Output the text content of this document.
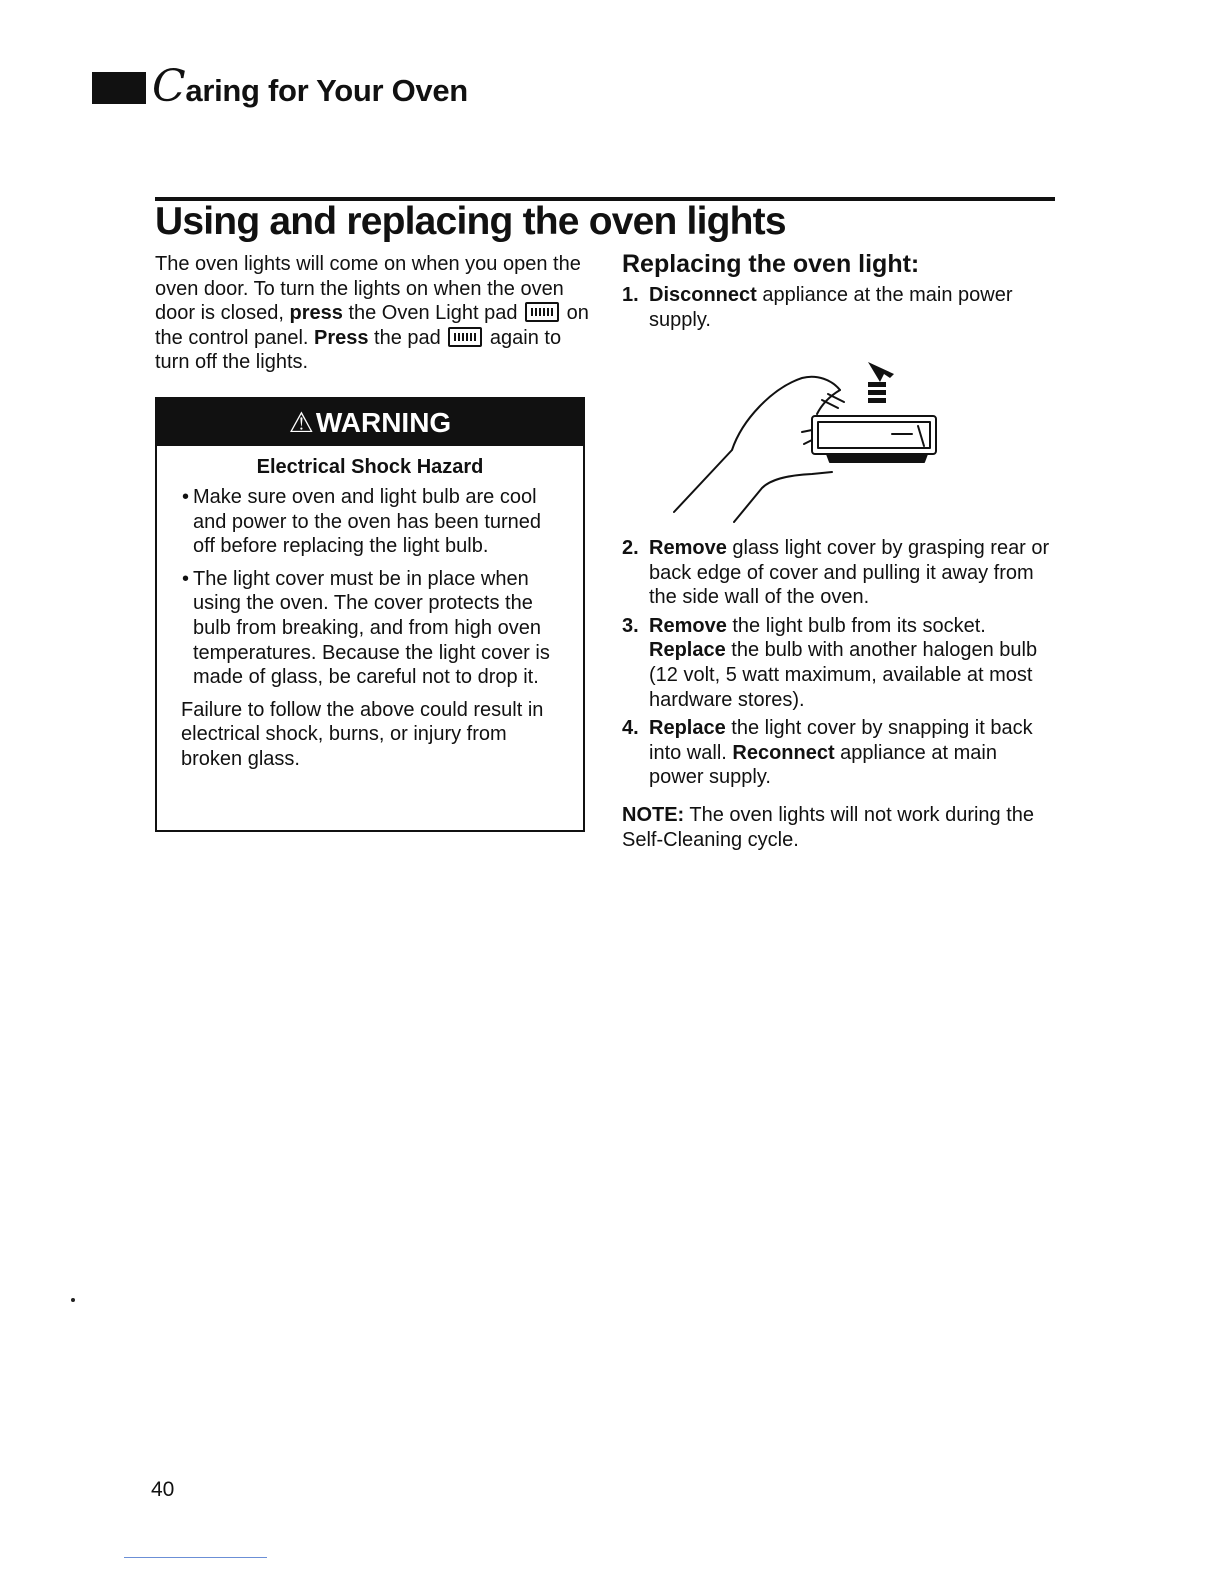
Caring for Your Oven
Using and replacing the oven lights
The oven lights will come on when you open the oven door. To turn the lights on when the oven door is closed, press the Oven Light pad  on the control panel. Press the pad  again to turn off the lights.
⚠ WARNING
Electrical Shock Hazard
• Make sure oven and light bulb are cool and power to the oven has been turned off before replacing the light bulb.
• The light cover must be in place when using the oven. The cover protects the bulb from breaking, and from high oven temperatures. Because the light cover is made of glass, be careful not to drop it.
Failure to follow the above could result in electrical shock, burns, or injury from broken glass.
Replacing the oven light:
1. Disconnect appliance at the main power supply.
2. Remove glass light cover by grasping rear or back edge of cover and pulling it away from the side wall of the oven.
3. Remove the light bulb from its socket. Replace the bulb with another halogen bulb (12 volt, 5 watt maximum, available at most hardware stores).
4. Replace the light cover by snapping it back into wall. Reconnect appliance at main power supply.
NOTE: The oven lights will not work during the Self-Cleaning cycle.
40
